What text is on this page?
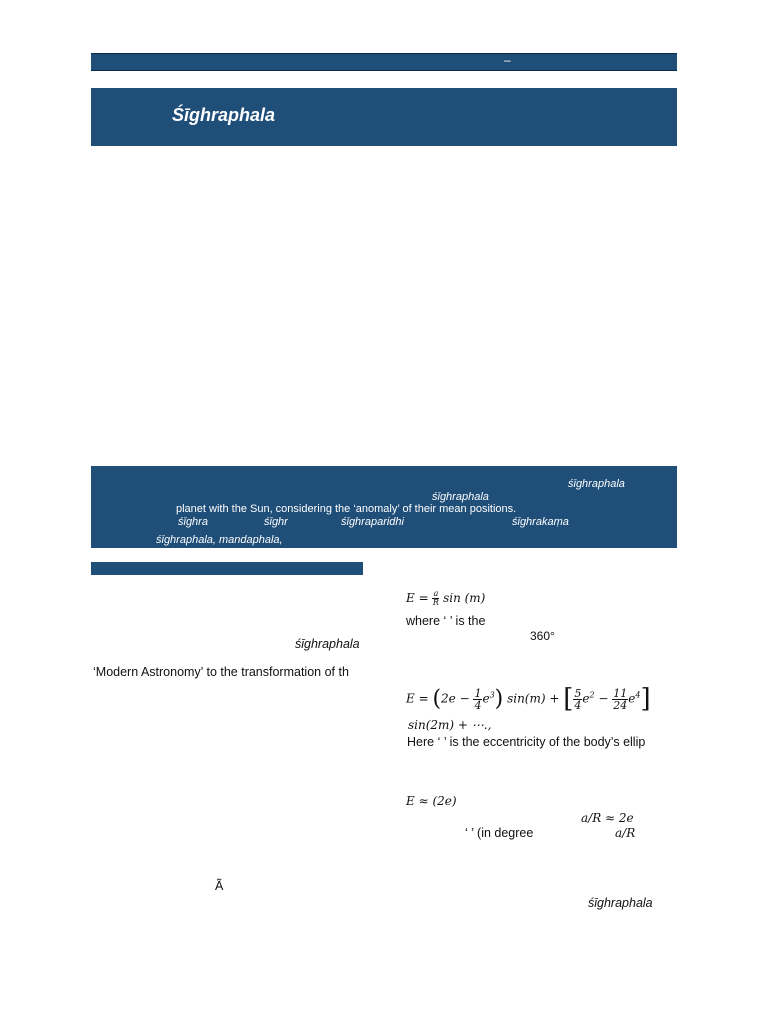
–
Śīghraphala
śīghraphala
śīghraphala
planet with the Sun, considering the ‘anomaly’ of their mean positions.
śīghra	śīghr	śīghraparidhi	śīghrakaṃa
śīghraphala, mandaphala,
śīghraphala
‘Modern Astronomy’ to the transformation of th
Ã
$E = \frac{a}{R}$ sin (m)
where ‘ ’ is the
360°
$E = (2e - \frac{1}{4} e^3)$ sin(m) + [ $\frac{5}{4} e^2 - \frac{11}{24} e^4$]
sin(2m) + ⋯.,
Here ‘ ’ is the eccentricity of the body’s ellip
E ≈ (2e)
a/R ≈ 2e
‘ ’ (in degree	a/R
śīghraphala
